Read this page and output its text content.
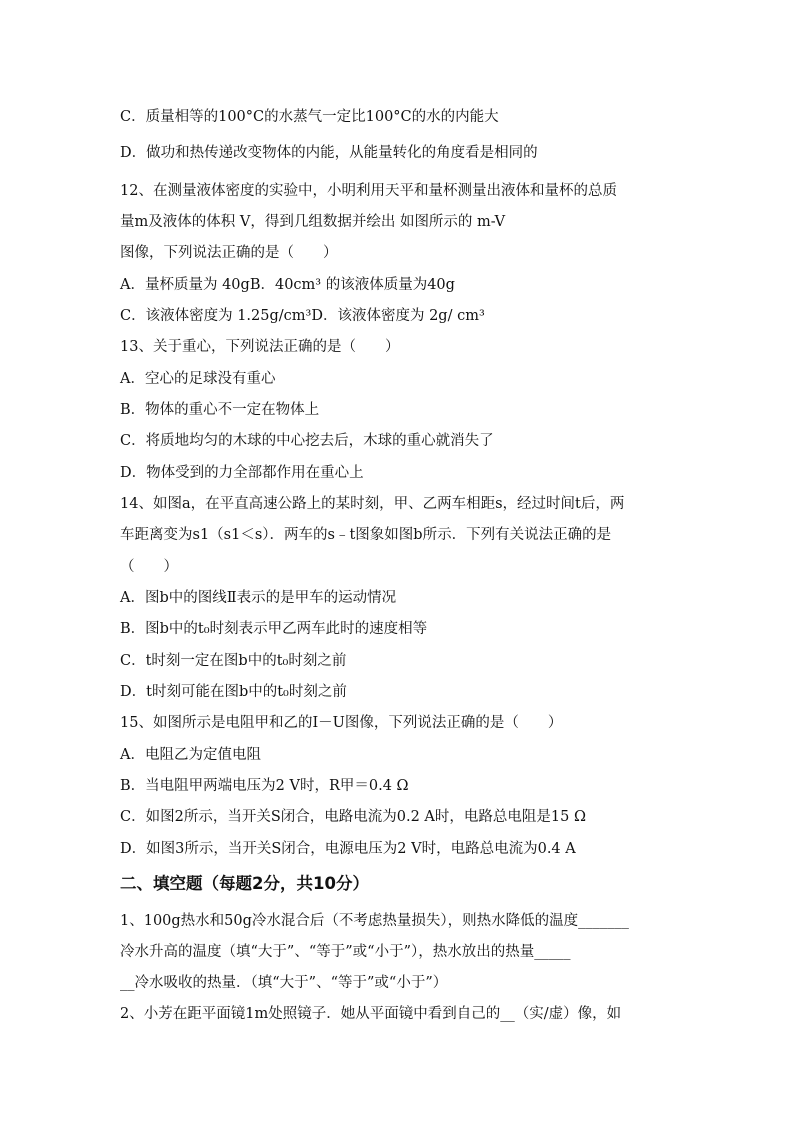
C．质量相等的100°C的水蒸气一定比100°C的水的内能大
D．做功和热传递改变物体的内能，从能量转化的角度看是相同的
12、在测量液体密度的实验中，小明利用天平和量杯测量出液体和量杯的总质
量m及液体的体积 V，得到几组数据并绘出 如图所示的 m-V
图像，下列说法正确的是（　　）
A．量杯质量为 40gB．40cm³ 的该液体质量为40g
C．该液体密度为 1.25g/cm³D．该液体密度为 2g/ cm³
13、关于重心，下列说法正确的是（　　）
A．空心的足球没有重心
B．物体的重心不一定在物体上
C．将质地均匀的木球的中心挖去后，木球的重心就消失了
D．物体受到的力全部都作用在重心上
14、如图a，在平直高速公路上的某时刻，甲、乙两车相距s，经过时间t后，两
车距离变为s1（s1＜s）．两车的s﹣t图象如图b所示．下列有关说法正确的是
（　　）
A．图b中的图线Ⅱ表示的是甲车的运动情况
B．图b中的t₀时刻表示甲乙两车此时的速度相等
C．t时刻一定在图b中的t₀时刻之前
D．t时刻可能在图b中的t₀时刻之前
15、如图所示是电阻甲和乙的I－U图像，下列说法正确的是（　　）
A．电阻乙为定值电阻
B．当电阻甲两端电压为2 V时，R甲＝0.4 Ω
C．如图2所示，当开关S闭合，电路电流为0.2 A时，电路总电阻是15 Ω
D．如图3所示，当开关S闭合，电源电压为2 V时，电路总电流为0.4 A
二、填空题（每题2分，共10分）
1、100g热水和50g冷水混合后（不考虑热量损失），则热水降低的温度_______
冷水升高的温度（填“大于”、“等于”或“小于”），热水放出的热量_____
__冷水吸收的热量．（填“大于”、“等于”或“小于”）
2、小芳在距平面镜1m处照镜子．她从平面镜中看到自己的__（实/虚）像，如
